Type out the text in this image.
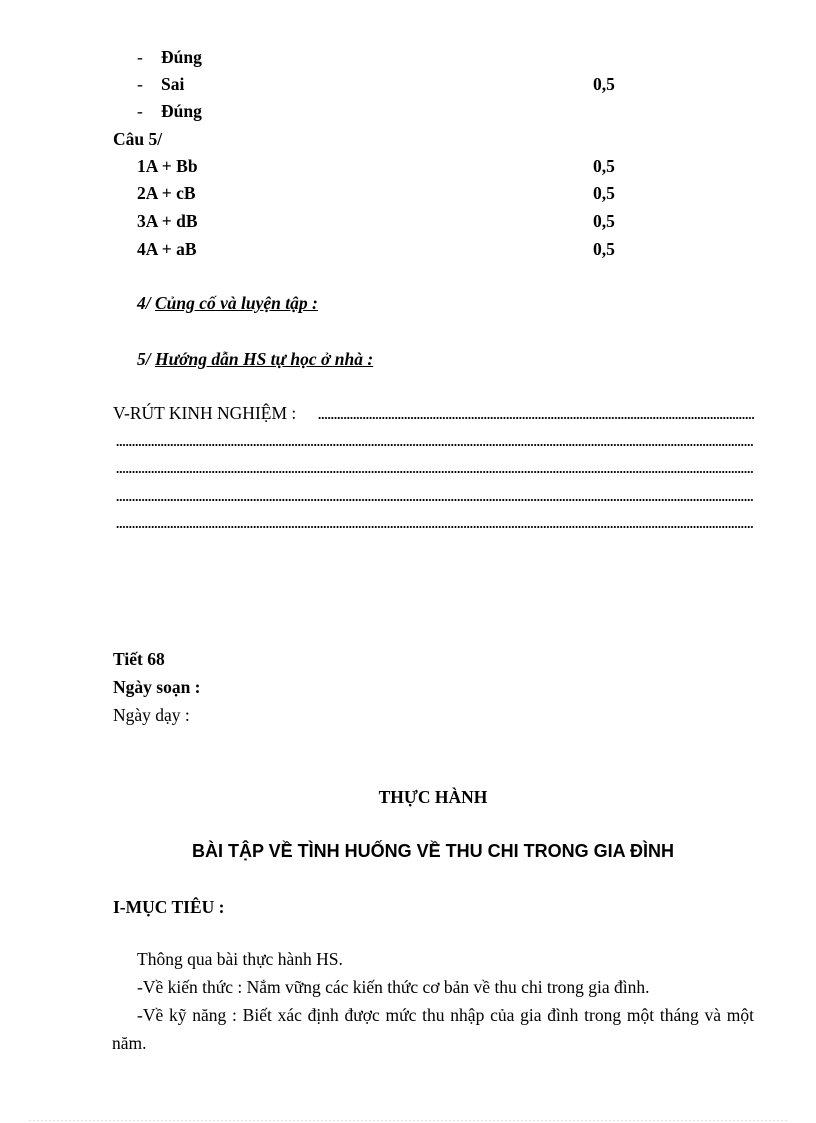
- Đúng
- Sai	0,5
- Đúng
Câu 5/
1A + Bb	0,5
2A + cB	0,5
3A + dB	0,5
4A + aB	0,5
4/ Củng cố và luyện tập :
5/ Hướng dẫn HS tự học ở nhà :
V-RÚT KINH NGHIỆM :
Tiết 68
Ngày soạn :
Ngày dạy :
THỰC HÀNH
BÀI TẬP VỀ TÌNH HUỐNG VỀ THU CHI TRONG GIA ĐÌNH
I-MỤC TIÊU :
Thông qua bài thực hành HS.
-Về kiến thức : Nắm vững các kiến thức cơ bản về thu chi trong gia đình.
-Về kỹ năng : Biết xác định được mức thu nhập của gia đình trong một tháng và một năm.
